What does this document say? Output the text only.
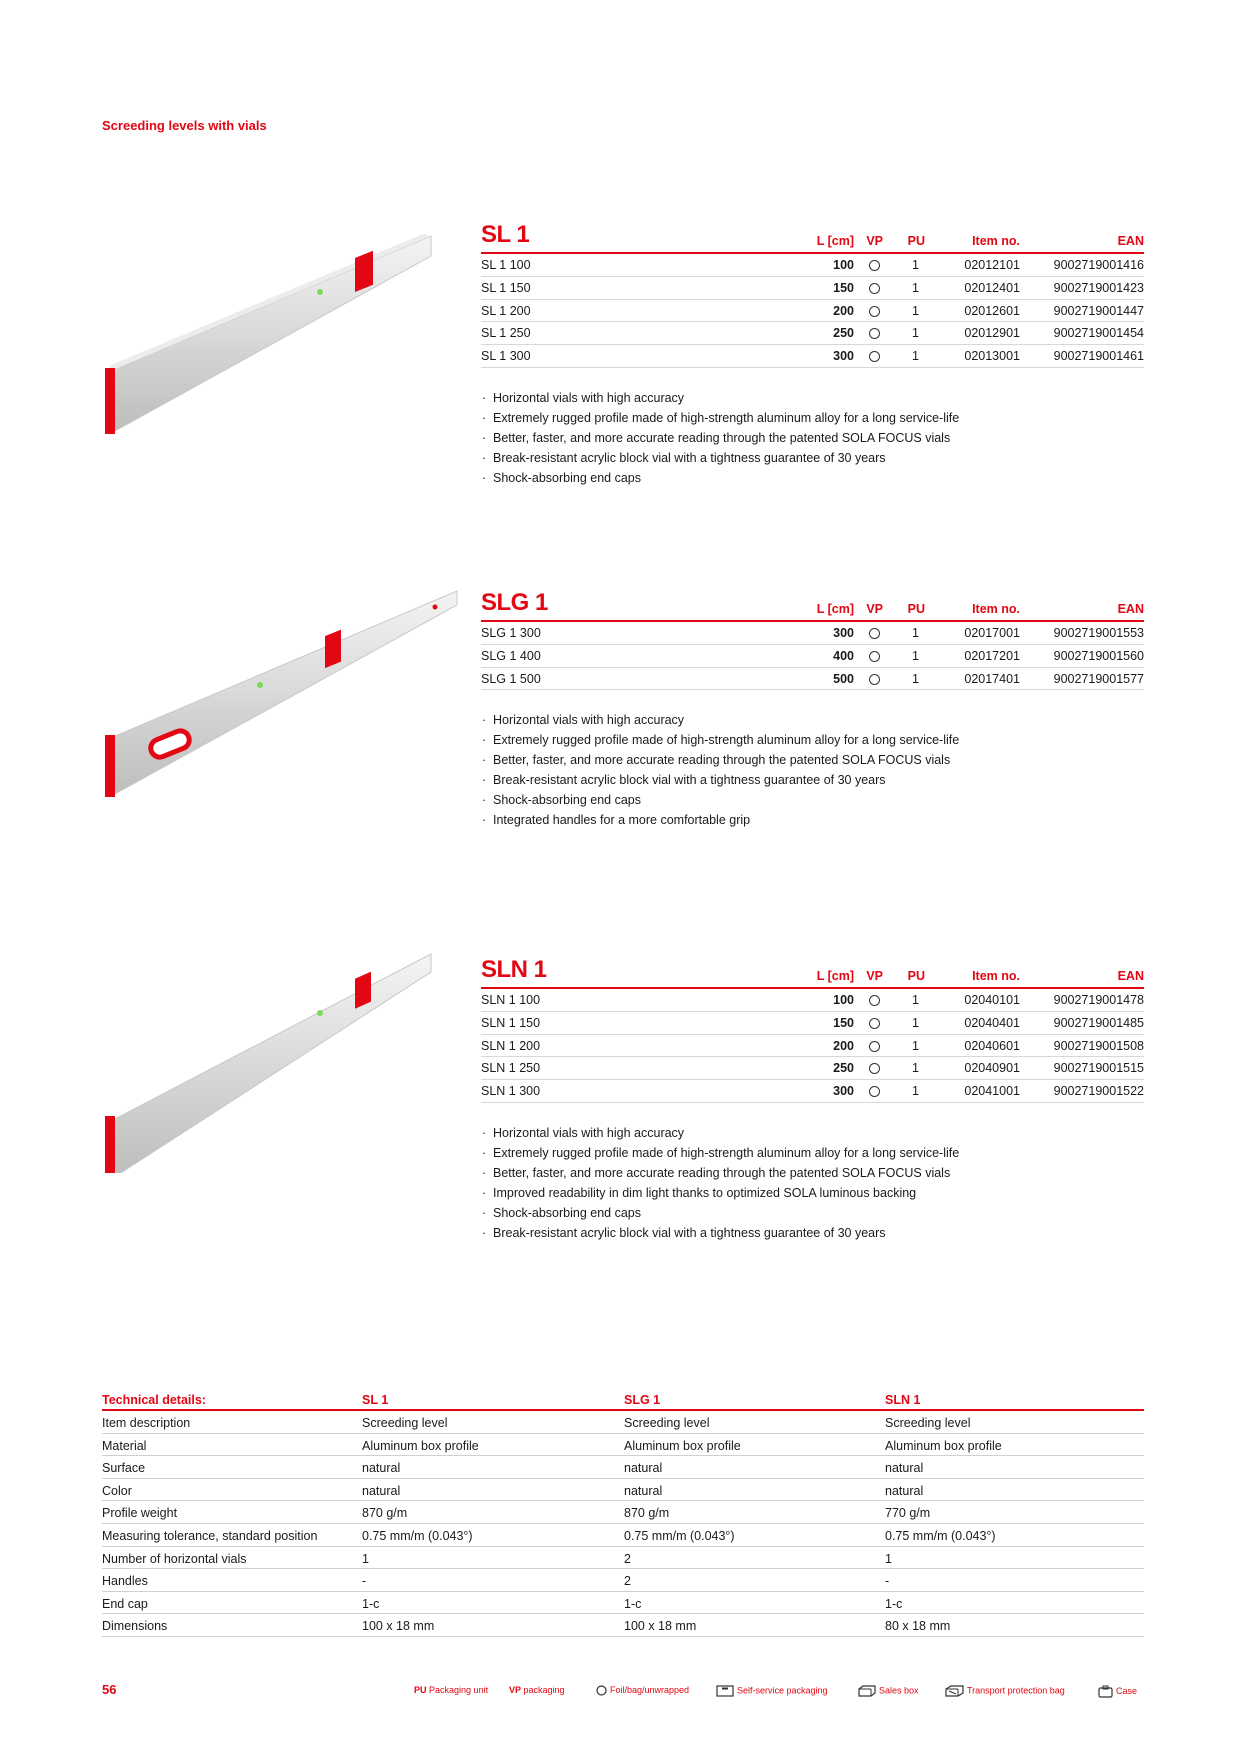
Screeding levels with vials
SL 1	L [cm] VP PU	Item no.	EAN
SL 1 100	100	1	02012101	9002719001416
SL 1 150	150	1	02012401	9002719001423
SL 1 200	200	1	02012601	9002719001447
SL 1 250	250	1	02012901	9002719001454
SL 1 300	300	1	02013001	9002719001461
· Horizontal vials with high accuracy
· Extremely rugged profile made of high-strength aluminum alloy for a long service-life
· Better, faster, and more accurate reading through the patented SOLA FOCUS vials
· Break-resistant acrylic block vial with a tightness guarantee of 30 years
· Shock-absorbing end caps
SLG 1	L [cm] VP PU	Item no.	EAN
SLG 1 300	300	1	02017001	9002719001553
SLG 1 400	400	1	02017201	9002719001560
SLG 1 500	500	1	02017401	9002719001577
· Horizontal vials with high accuracy
· Extremely rugged profile made of high-strength aluminum alloy for a long service-life
· Better, faster, and more accurate reading through the patented SOLA FOCUS vials
· Break-resistant acrylic block vial with a tightness guarantee of 30 years
· Shock-absorbing end caps
· Integrated handles for a more comfortable grip
SLN 1	L [cm] VP PU	Item no.	EAN
SLN 1 100	100	1	02040101	9002719001478
SLN 1 150	150	1	02040401	9002719001485
SLN 1 200	200	1	02040601	9002719001508
SLN 1 250	250	1	02040901	9002719001515
SLN 1 300	300	1	02041001	9002719001522
· Horizontal vials with high accuracy
· Extremely rugged profile made of high-strength aluminum alloy for a long service-life
· Better, faster, and more accurate reading through the patented SOLA FOCUS vials
· Improved readability in dim light thanks to optimized SOLA luminous backing
· Shock-absorbing end caps
· Break-resistant acrylic block vial with a tightness guarantee of 30 years
Technical details:	SL 1	SLG 1	SLN 1
Item description	Screeding level	Screeding level	Screeding level
Material	Aluminum box profile	Aluminum box profile	Aluminum box profile
Surface	natural	natural	natural
Color	natural	natural	natural
Profile weight	870 g/m	870 g/m	770 g/m
Measuring tolerance, standard position	0.75 mm/m (0.043°)	0.75 mm/m (0.043°)	0.75 mm/m (0.043°)
Number of horizontal vials	1	2	1
Handles	-	2	-
End cap	1-c	1-c	1-c
Dimensions	100 x 18 mm	100 x 18 mm	80 x 18 mm
56	PU Packaging unit VP packaging	Foil/bag/unwrapped	Self-service packaging	Sales box	Transport protection bag	Case
